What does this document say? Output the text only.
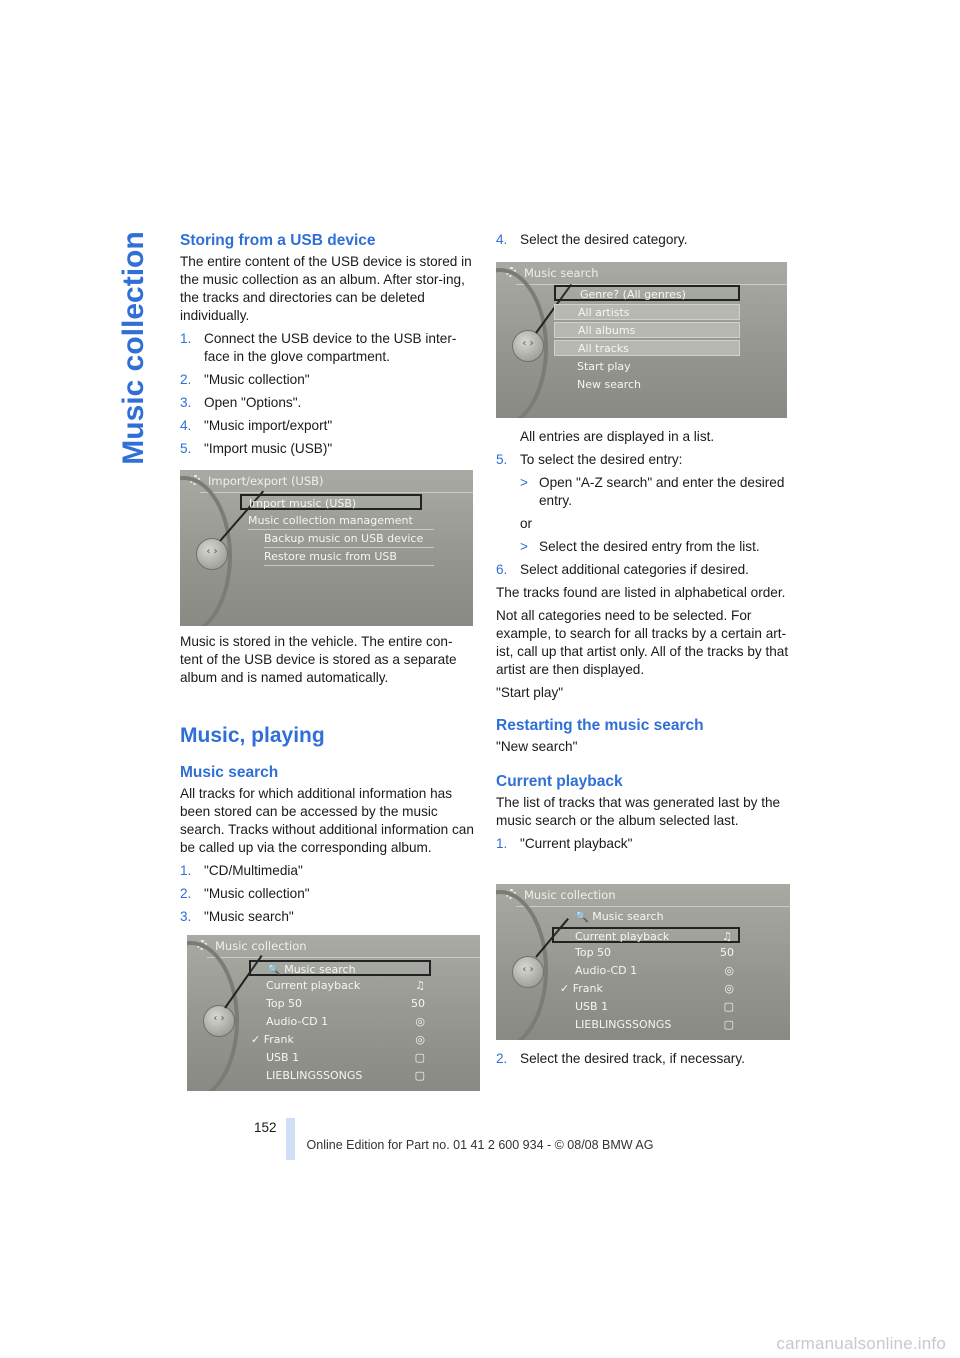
Music collection Storing from a USB device

The entire content of the USB device is stored in the music collection as an album. After stor-ing, the tracks and directories can be deleted individually.

1. Connect the USB device to the USB inter-face in the glove compartment.
2. "Music collection"
3. Open "Options".
4. "Music import/export"
5. "Import music (USB)"
Import/export (USB)
‹ ›
Import music (USB)
Music collection management
Backup music on USB device
Restore music from USB

Music is stored in the vehicle. The entire con-tent of the USB device is stored as a separate album and is named automatically.

Music, playing
Music search

All tracks for which additional information has been stored can be accessed by the music search. Tracks without additional information can be called up via the corresponding album.

1. "CD/Multimedia"
2. "Music collection"
3. "Music search"
Music collection
‹ ›
🔍 Music search
Current playback	♫
Top 50	50
Audio-CD 1	◎
✓ Frank	◎
USB 1	▢
LIEBLINGSSONGS	▢
4. Select the desired category.
Music search
‹ ›
Genre? (All genres)
All artists
All albums
All tracks
Start play
New search

All entries are displayed in a list.

5. To select the desired entry:
> Open "A-Z search" and enter the desired entry.

or

> Select the desired entry from the list.
6. Select additional categories if desired.

The tracks found are listed in alphabetical order.

Not all categories need to be selected. For example, to search for all tracks by a certain art-ist, call up that artist only. All of the tracks by that artist are then displayed.

"Start play"

Restarting the music search

"New search"

Current playback

The list of tracks that was generated last by the music search or the album selected last.

1. "Current playback"
Music collection
‹ ›
🔍 Music search
Current playback	♫
Top 50	50
Audio-CD 1	◎
✓ Frank	◎
USB 1	▢
LIEBLINGSSONGS	▢
2. Select the desired track, if necessary.
152
Online Edition for Part no. 01 41 2 600 934 - © 08/08 BMW AG
carmanualsonline.info
